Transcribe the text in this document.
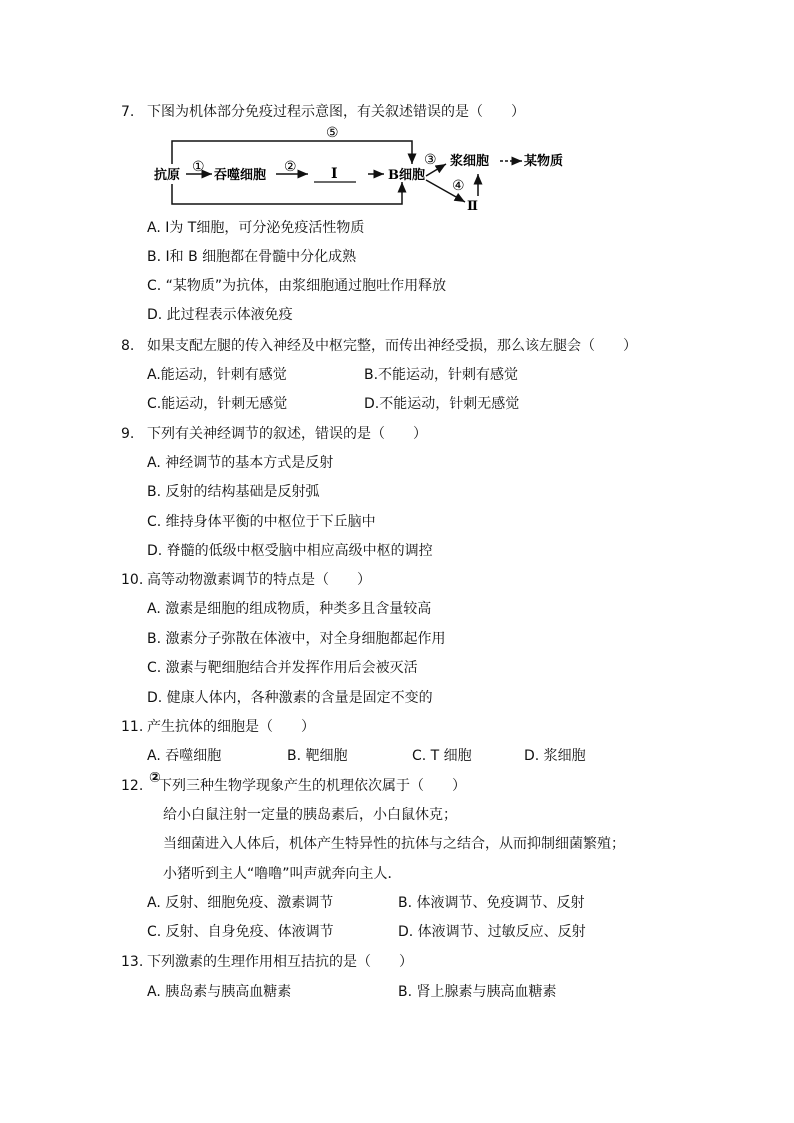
7. 下图为机体部分免疫过程示意图，有关叙述错误的是（　　）
抗原	吞噬细胞	I	B细胞
浆细胞	某物质
Ⅱ
①	②	③
④
⑤
A. I为 T细胞，可分泌免疫活性物质
B. I和 B 细胞都在骨髓中分化成熟
C. “某物质”为抗体，由浆细胞通过胞吐作用释放
D. 此过程表示体液免疫
8. 如果支配左腿的传入神经及中枢完整，而传出神经受损，那么该左腿会（　　）
A.能运动，针刺有感觉	B.不能运动，针刺有感觉
C.能运动，针刺无感觉	D.不能运动，针刺无感觉
9. 下列有关神经调节的叙述，错误的是（　　）
A. 神经调节的基本方式是反射
B. 反射的结构基础是反射弧
C. 维持身体平衡的中枢位于下丘脑中
D. 脊髓的低级中枢受脑中相应高级中枢的调控
10. 高等动物激素调节的特点是（　　）
A. 激素是细胞的组成物质，种类多且含量较高
B. 激素分子弥散在体液中，对全身细胞都起作用
C. 激素与靶细胞结合并发挥作用后会被灭活
D. 健康人体内，各种激素的含量是固定不变的
11. 产生抗体的细胞是（　　）
A. 吞噬细胞	B. 靶细胞	C. T 细胞	D. 浆细胞
②
12. 下列三种生物学现象产生的机理依次属于（　　）
给小白鼠注射一定量的胰岛素后，小白鼠休克；
当细菌进入人体后，机体产生特异性的抗体与之结合，从而抑制细菌繁殖；
小猪听到主人“噜噜”叫声就奔向主人．
A. 反射、细胞免疫、激素调节	B. 体液调节、免疫调节、反射
C. 反射、自身免疫、体液调节	D. 体液调节、过敏反应、反射
13. 下列激素的生理作用相互拮抗的是（　　）
A. 胰岛素与胰高血糖素	B. 肾上腺素与胰高血糖素
